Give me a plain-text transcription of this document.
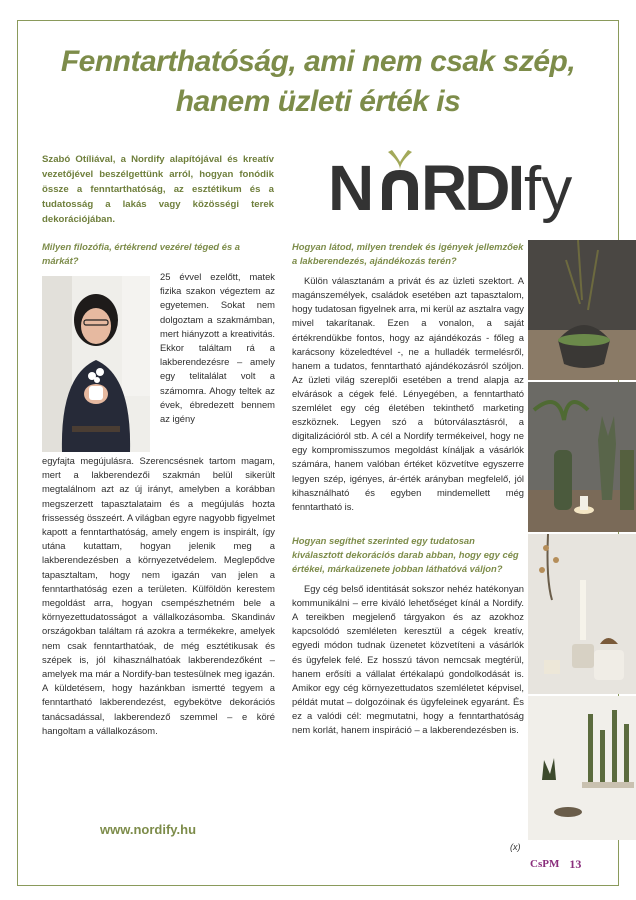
Fenntarthatóság, ami nem csak szép,
hanem üzleti érték is
Szabó Otíliával, a Nordify alapítójával és kreatív vezetőjével beszélgettünk arról, hogyan fonódik össze a fenntarthatóság, az esztétikum és a tudatosság a lakás vagy közösségi terek dekorációjában.	N RDI fy
Milyen filozófia, értékrend vezérel téged és a márkát?
25 évvel ezelőtt, matek fizika szakon végeztem az egyetemen. Sokat nem dolgoztam a szakmámban, mert hiányzott a kreativitás. Ekkor találtam rá a lakberendezésre – amely egy telitalálat volt a számomra. Ahogy teltek az évek, ébredezett bennem az igény
egyfajta megújulásra. Szerencsésnek tartom magam, mert a lakberendezői szakmán belül sikerült megtalálnom azt az új irányt, amelyben a korábban megszerzett tapasztalataim és a megújulás hozta frissesség összeért. A világban egyre nagyobb figyelmet kapott a fenntarthatóság, amely engem is inspirált, így utána kutattam, hogyan jelenik meg a lakberendezésben a környezetvédelem. Meglepődve tapasztaltam, hogy nem igazán van jelen a fenntarthatóság ezen a területen. Külföldön kerestem megoldást arra, hogyan csempészhetném bele a környezettudatosságot a vállalkozásomba. Skandináv országokban találtam rá azokra a termékekre, amelyek nem csak fenntarthatóak, de még esztétikusak és szépek is, jól kihasználhatóak lakberendezőként – amelyek ma már a Nordify-ban testesülnek meg igazán. A küldetésem, hogy hazánkban ismertté tegyem a fenntartható lakberendezést, egybekötve dekorációs tanácsadással, lakberendező szemmel – e köré hangoltam a vállalkozásom.
Hogyan látod, milyen trendek és igények jellemzőek a lakberendezés, ajándékozás terén?
Külön választanám a privát és az üzleti szektort. A magánszemélyek, családok esetében azt tapasztalom, hogy tudatosan figyelnek arra, mi kerül az asztalra vagy mivel takarítanak. Ezen a vonalon, a saját értékrendükbe fontos, hogy az ajándékozás - főleg a karácsony közeledtével -, ne a hulladék termelésről, hanem a tudatos, fenntartható ajándékozásról szóljon. Az üzleti világ szereplői esetében a trend alapja az elvárások a cégek felé. Lényegében, a fenntartható szemlélet egy cég életében tekinthető marketing eszköznek. Legyen szó a bútorválasztásról, a digitalizációról stb. A cél a Nordify termékeivel, hogy ne egy kompromisszumos megoldást kínáljak a vásárlók számára, hanem valóban értéket közvetítve egyszerre legyen szép, igényes, ár-érték arányban megfelelő, jól kihasználható és egyben mindemellett még fenntartható is.
Hogyan segíthet szerinted egy tudatosan kiválasztott dekorációs darab abban, hogy egy cég értékei, márkaüzenete jobban láthatóvá váljon?
Egy cég belső identitását sokszor nehéz hatékonyan kommunikálni – erre kiváló lehetőséget kínál a Nordify. A tereikben megjelenő tárgyakon és az azokhoz kapcsolódó szemléleten keresztül a cégek kreatív, egyedi módon tudnak üzenetet közvetíteni a vásárlók és ügyfelek felé. Ez hosszú távon nemcsak megtérül, hanem erősíti a vállalat értékalapú gondolkodását is. Amikor egy cég környezettudatos szemléletet képvisel, példát mutat – dolgozóinak és ügyfeleinek egyaránt. És ez a valódi cél: megmutatni, hogy a fenntarthatóság nem korlát, hanem inspiráció – a lakberendezésben is.
www.nordify.hu
(x)
CsPM 13
